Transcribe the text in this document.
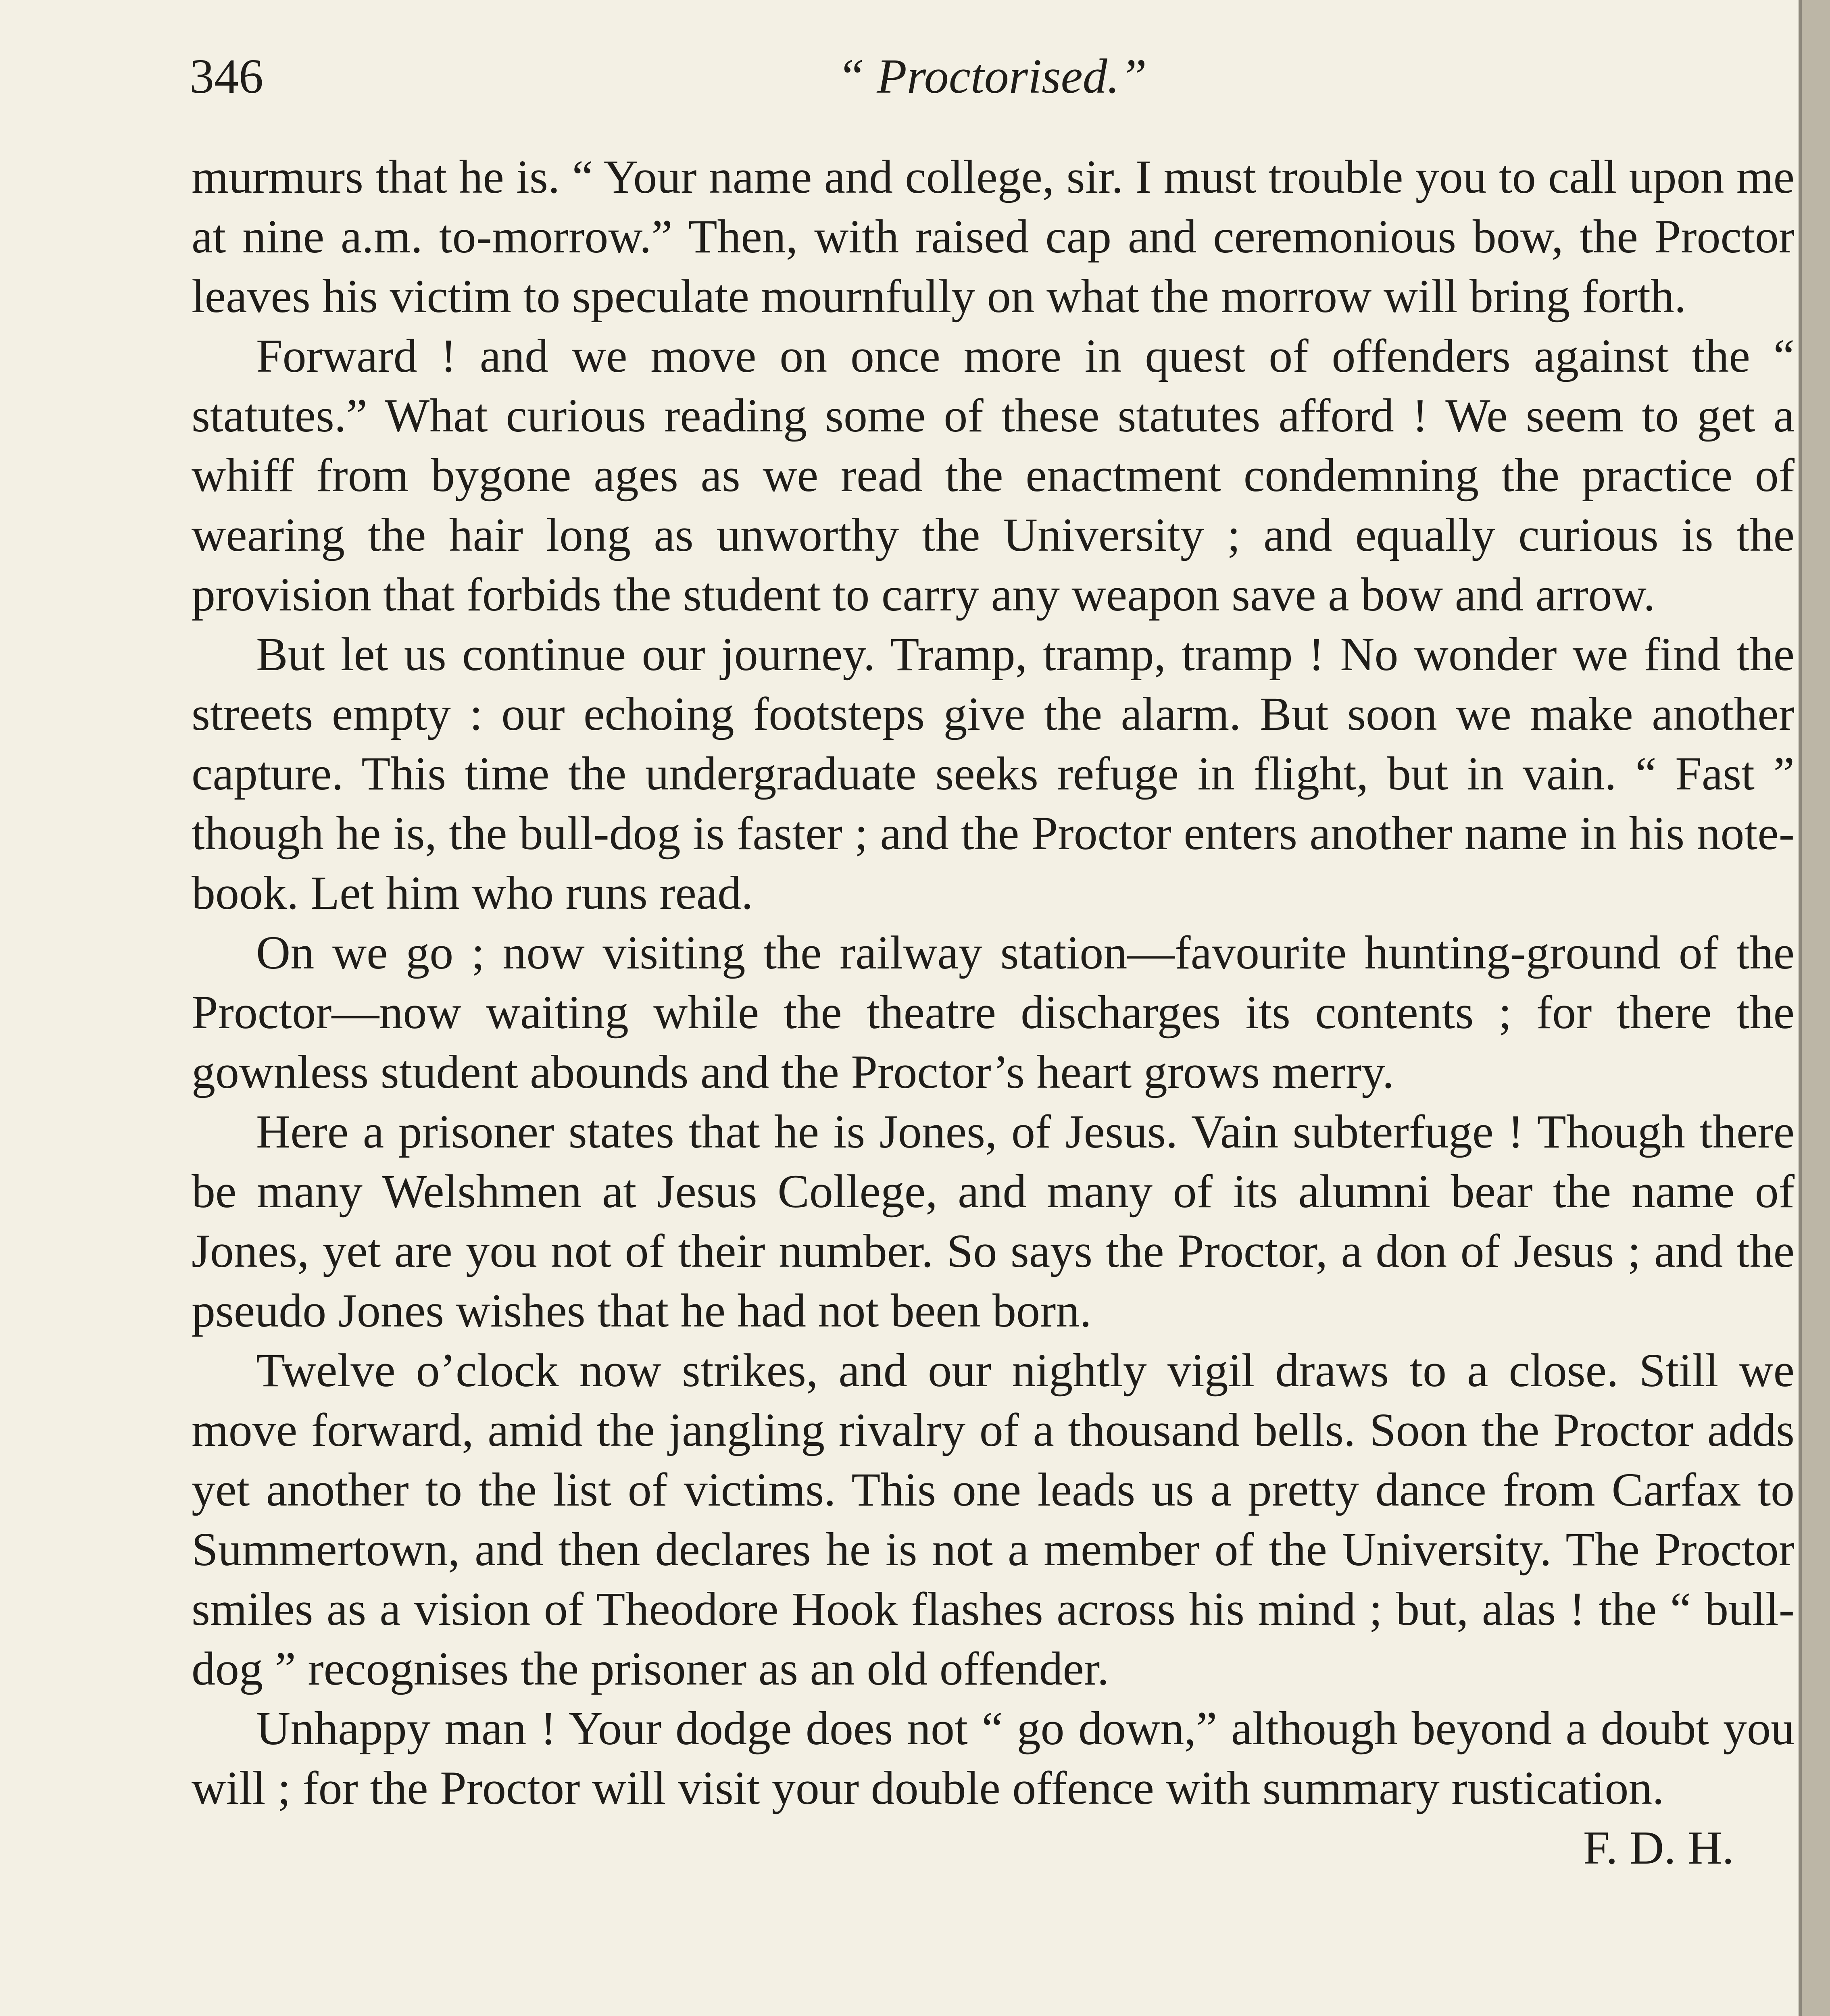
346	“ Proctorised.”

murmurs that he is. “ Your name and college, sir. I must trouble you to call upon me at nine a.m. to-morrow.” Then, with raised cap and ceremonious bow, the Proctor leaves his victim to speculate mournfully on what the morrow will bring forth.

Forward ! and we move on once more in quest of offenders against the “ statutes.” What curious reading some of these statutes afford ! We seem to get a whiff from bygone ages as we read the enactment condemning the practice of wearing the hair long as unworthy the University ; and equally curious is the provision that forbids the student to carry any weapon save a bow and arrow.

But let us continue our journey. Tramp, tramp, tramp ! No wonder we find the streets empty : our echoing footsteps give the alarm. But soon we make another capture. This time the undergraduate seeks refuge in flight, but in vain. “ Fast ” though he is, the bull-dog is faster ; and the Proctor enters another name in his note-book. Let him who runs read.

On we go ; now visiting the railway station—favourite hunting-ground of the Proctor—now waiting while the theatre discharges its contents ; for there the gownless student abounds and the Proctor’s heart grows merry.

Here a prisoner states that he is Jones, of Jesus. Vain subterfuge ! Though there be many Welshmen at Jesus College, and many of its alumni bear the name of Jones, yet are you not of their number. So says the Proctor, a don of Jesus ; and the pseudo Jones wishes that he had not been born.

Twelve o’clock now strikes, and our nightly vigil draws to a close. Still we move forward, amid the jangling rivalry of a thousand bells. Soon the Proctor adds yet another to the list of victims. This one leads us a pretty dance from Carfax to Summertown, and then declares he is not a member of the University. The Proctor smiles as a vision of Theodore Hook flashes across his mind ; but, alas ! the “ bull-dog ” recognises the prisoner as an old offender.

Unhappy man ! Your dodge does not “ go down,” although beyond a doubt you will ; for the Proctor will visit your double offence with summary rustication.
F. D. H.
